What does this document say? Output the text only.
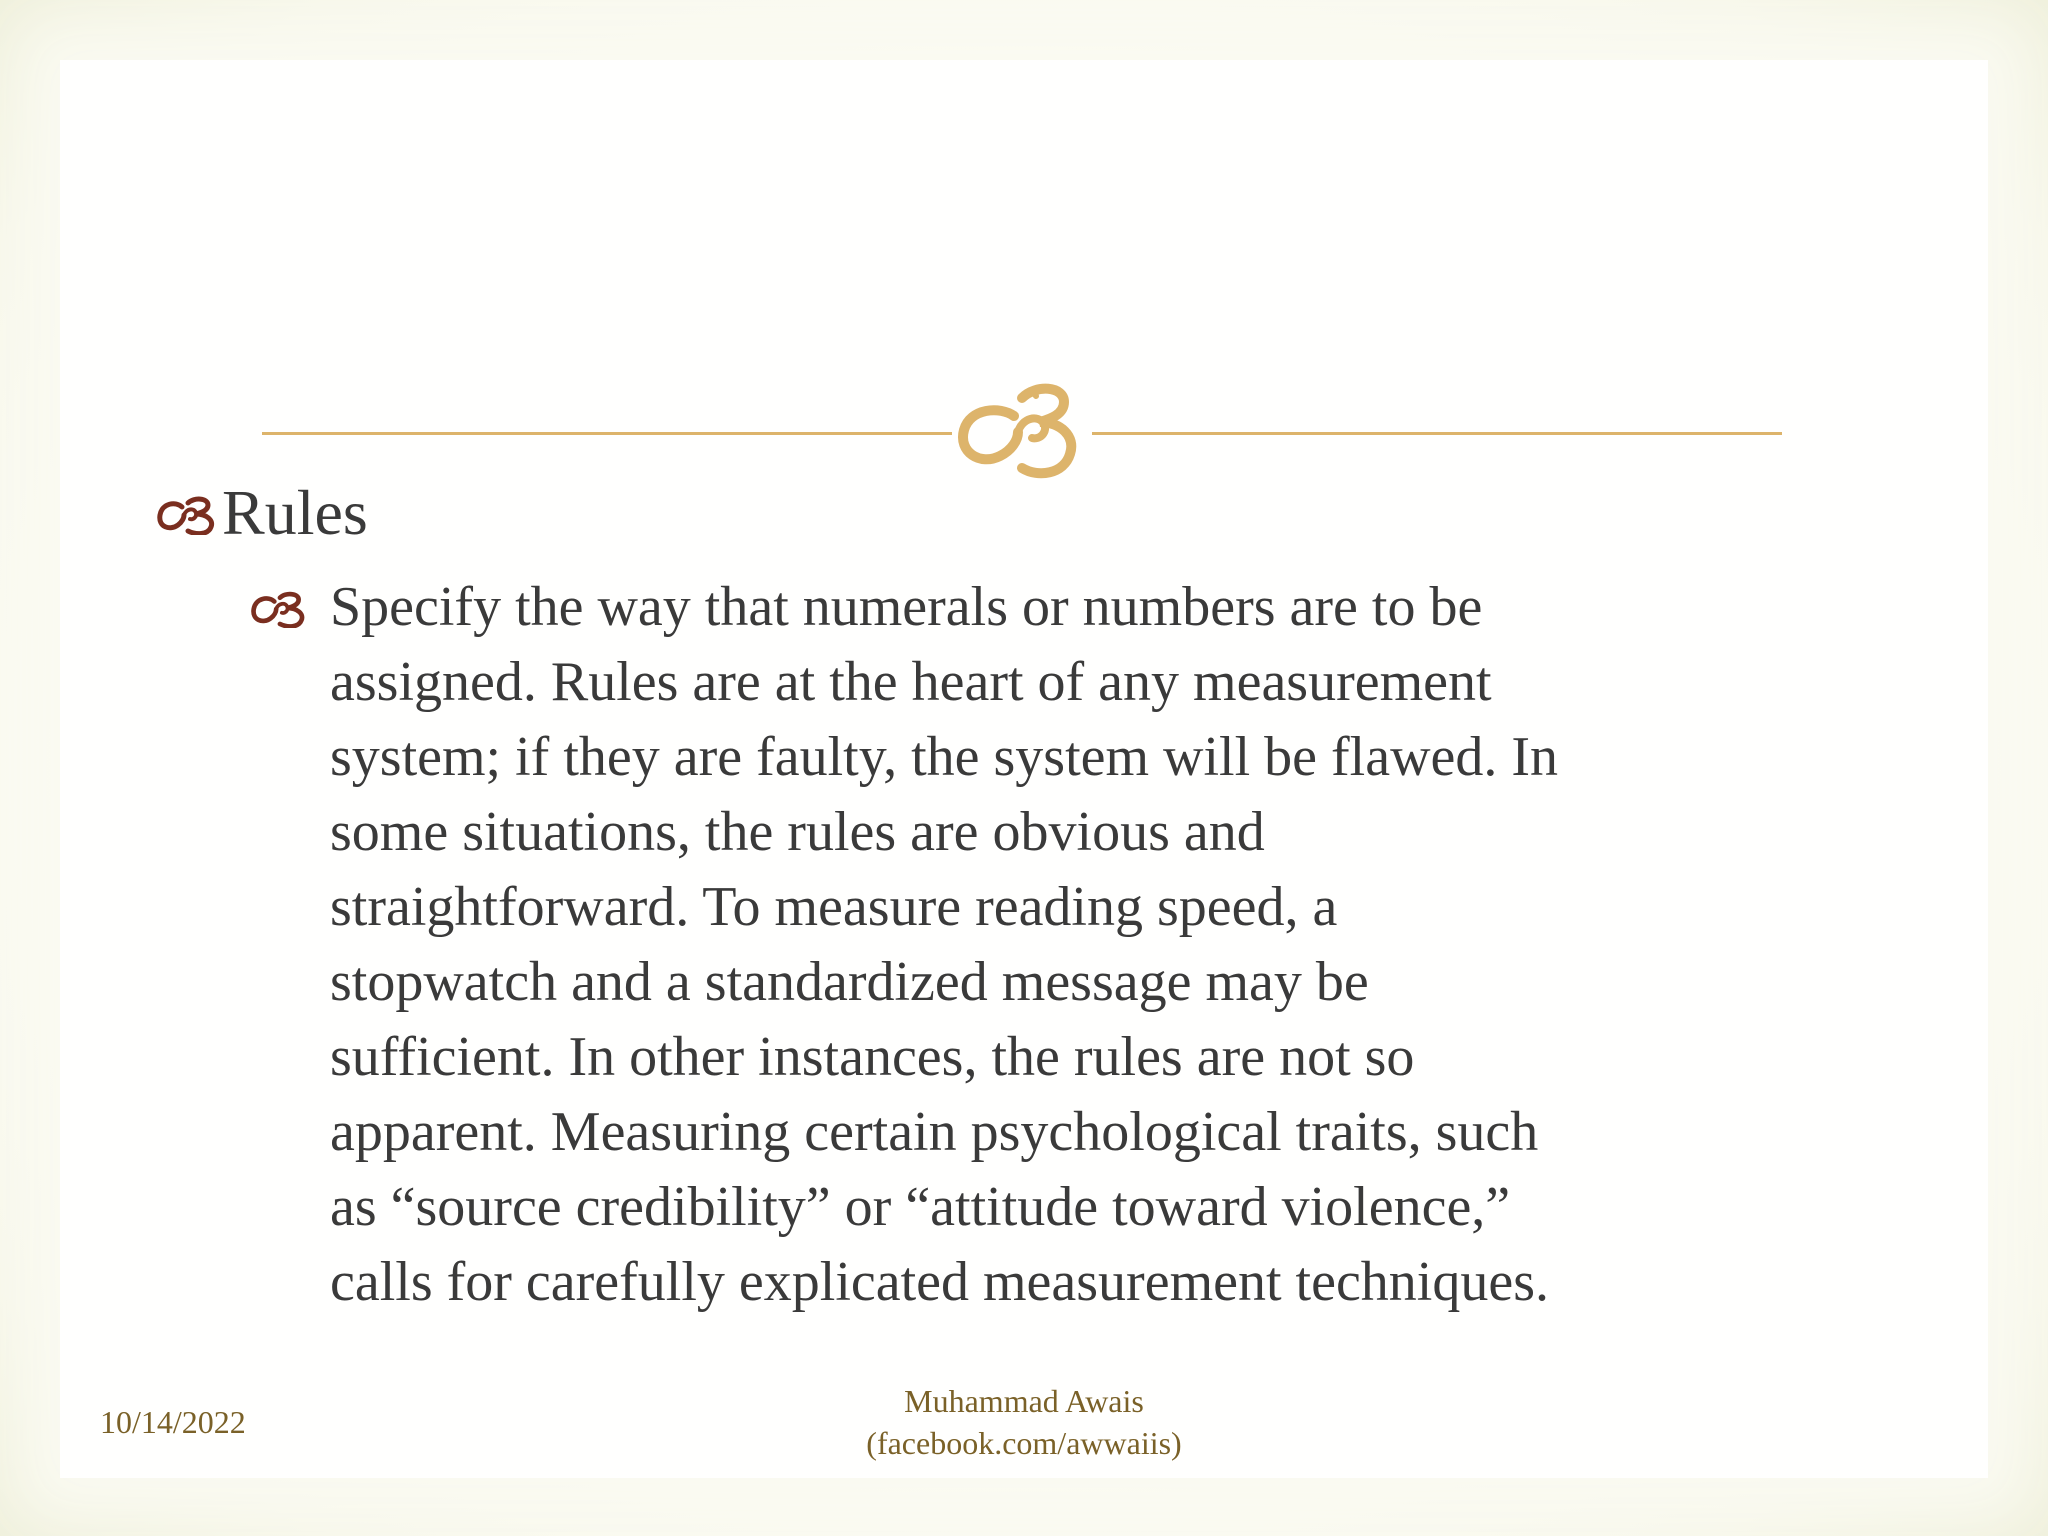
Rules
Specify the way that numerals or numbers are to be
assigned. Rules are at the heart of any measurement
system; if they are faulty, the system will be flawed. In
some situations, the rules are obvious and
straightforward. To measure reading speed, a
stopwatch and a standardized message may be
sufficient. In other instances, the rules are not so
apparent. Measuring certain psychological traits, such
as “source credibility” or “attitude toward violence,”
calls for carefully explicated measurement techniques.
10/14/2022
Muhammad Awais
(facebook.com/awwaiis)
